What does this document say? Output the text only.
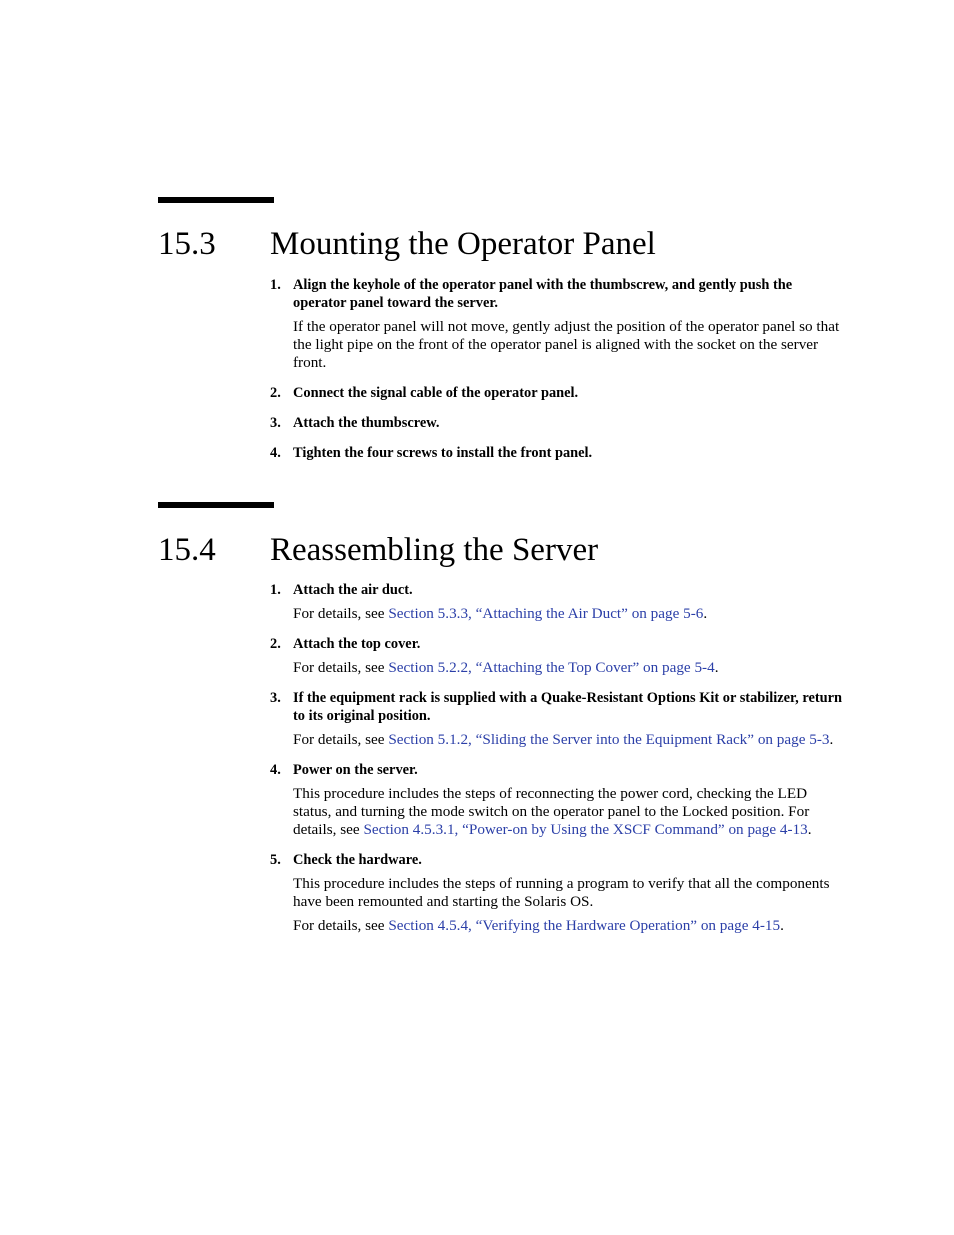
15.3 Mounting the Operator Panel
1. Align the keyhole of the operator panel with the thumbscrew, and gently push the operator panel toward the server.

If the operator panel will not move, gently adjust the position of the operator panel so that the light pipe on the front of the operator panel is aligned with the socket on the server front.

2. Connect the signal cable of the operator panel.

3. Attach the thumbscrew.

4. Tighten the four screws to install the front panel.

15.4 Reassembling the Server
1. Attach the air duct.

For details, see Section 5.3.3, “Attaching the Air Duct” on page 5-6.

2. Attach the top cover.

For details, see Section 5.2.2, “Attaching the Top Cover” on page 5-4.

3. If the equipment rack is supplied with a Quake-Resistant Options Kit or stabilizer, return to its original position.

For details, see Section 5.1.2, “Sliding the Server into the Equipment Rack” on page 5-3.

4. Power on the server.

This procedure includes the steps of reconnecting the power cord, checking the LED status, and turning the mode switch on the operator panel to the Locked position. For details, see Section 4.5.3.1, “Power-on by Using the XSCF Command” on page 4-13.

5. Check the hardware.

This procedure includes the steps of running a program to verify that all the components have been remounted and starting the Solaris OS.

For details, see Section 4.5.4, “Verifying the Hardware Operation” on page 4-15.
